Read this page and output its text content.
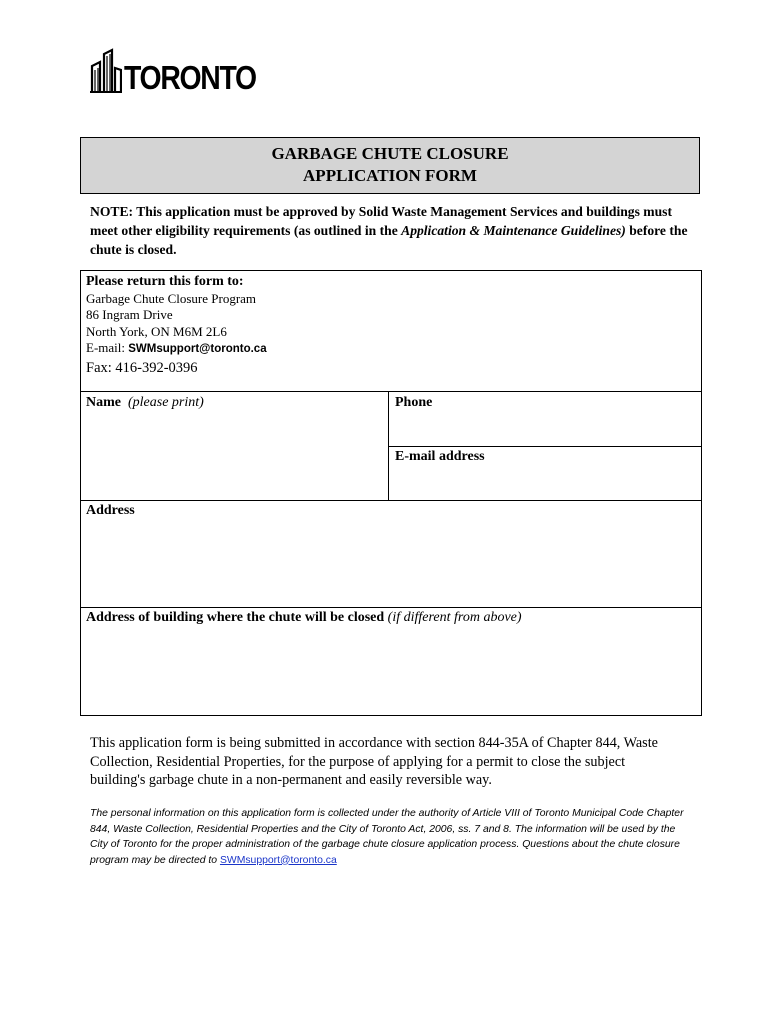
TORONTO
GARBAGE CHUTE CLOSURE
APPLICATION FORM
NOTE: This application must be approved by Solid Waste Management Services and buildings must meet other eligibility requirements (as outlined in the Application & Maintenance Guidelines) before the chute is closed.
Please return this form to:
Garbage Chute Closure Program
86 Ingram Drive
North York, ON M6M 2L6
E-mail: SWMsupport@toronto.ca
Fax: 416-392-0396
Name (please print)	Phone
E-mail address
Address
Address of building where the chute will be closed (if different from above)
This application form is being submitted in accordance with section 844-35A of Chapter 844, Waste Collection, Residential Properties, for the purpose of applying for a permit to close the subject building's garbage chute in a non-permanent and easily reversible way.
The personal information on this application form is collected under the authority of Article VIII of Toronto Municipal Code Chapter 844, Waste Collection, Residential Properties and the City of Toronto Act, 2006, ss. 7 and 8. The information will be used by the City of Toronto for the proper administration of the garbage chute closure application process. Questions about the chute closure program may be directed to SWMsupport@toronto.ca
